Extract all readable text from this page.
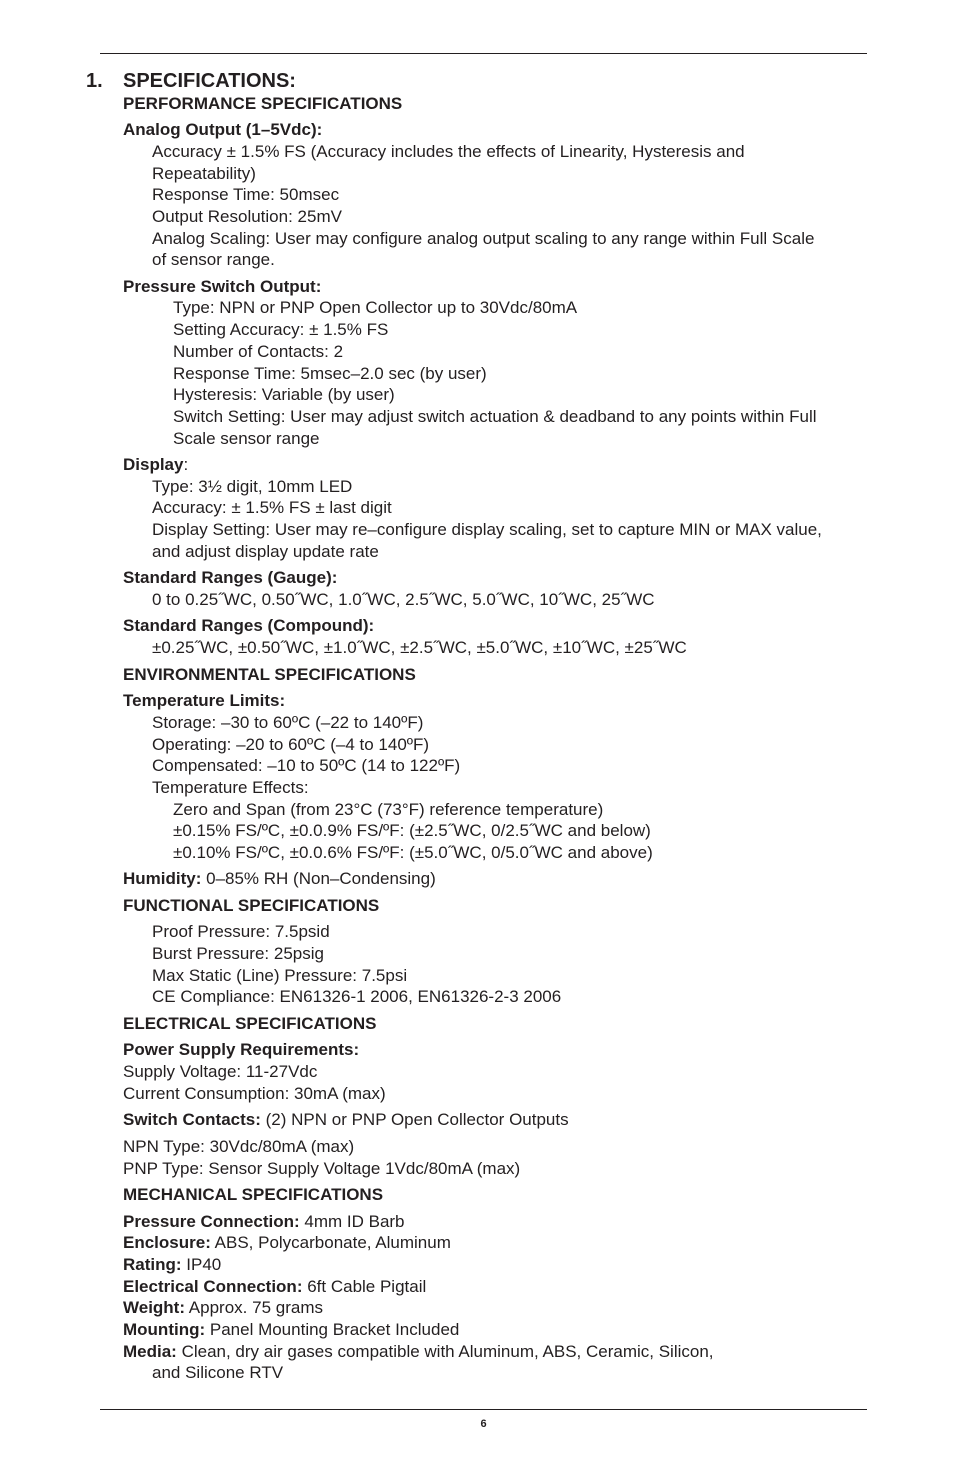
1. SPECIFICATIONS:
PERFORMANCE SPECIFICATIONS
Analog Output (1–5Vdc):
Accuracy ± 1.5% FS (Accuracy includes the effects of Linearity, Hysteresis and
Repeatability)
Response Time: 50msec
Output Resolution: 25mV
Analog Scaling: User may configure analog output scaling to any range within Full Scale
of sensor range.
Pressure Switch Output:
Type: NPN or PNP Open Collector up to 30Vdc/80mA
Setting Accuracy: ± 1.5% FS
Number of Contacts: 2
Response Time: 5msec–2.0 sec (by user)
Hysteresis: Variable (by user)
Switch Setting: User may adjust switch actuation & deadband to any points within Full
Scale sensor range
Display:
Type: 3½ digit, 10mm LED
Accuracy: ± 1.5% FS ± last digit
Display Setting: User may re–configure display scaling, set to capture MIN or MAX value,
and adjust display update rate
Standard Ranges (Gauge):
0 to 0.25˝WC, 0.50˝WC, 1.0˝WC, 2.5˝WC, 5.0˝WC, 10˝WC, 25˝WC
Standard Ranges (Compound):
±0.25˝WC, ±0.50˝WC, ±1.0˝WC, ±2.5˝WC, ±5.0˝WC, ±10˝WC, ±25˝WC
ENVIRONMENTAL SPECIFICATIONS
Temperature Limits:
Storage: –30 to 60ºC (–22 to 140ºF)
Operating: –20 to 60ºC (–4 to 140ºF)
Compensated: –10 to 50ºC (14 to 122ºF)
Temperature Effects:
Zero and Span (from 23°C (73°F) reference temperature)
±0.15% FS/ºC, ±0.0.9% FS/ºF: (±2.5˝WC, 0/2.5˝WC and below)
±0.10% FS/ºC, ±0.0.6% FS/ºF: (±5.0˝WC, 0/5.0˝WC and above)
Humidity: 0–85% RH (Non–Condensing)
FUNCTIONAL SPECIFICATIONS
Proof Pressure: 7.5psid
Burst Pressure: 25psig
Max Static (Line) Pressure: 7.5psi
CE Compliance: EN61326-1 2006, EN61326-2-3 2006
ELECTRICAL SPECIFICATIONS
Power Supply Requirements:
Supply Voltage: 11-27Vdc
Current Consumption: 30mA (max)
Switch Contacts: (2) NPN or PNP Open Collector Outputs
NPN Type: 30Vdc/80mA (max)
PNP Type: Sensor Supply Voltage 1Vdc/80mA (max)
MECHANICAL SPECIFICATIONS
Pressure Connection: 4mm ID Barb
Enclosure: ABS, Polycarbonate, Aluminum
Rating: IP40
Electrical Connection: 6ft Cable Pigtail
Weight: Approx. 75 grams
Mounting: Panel Mounting Bracket Included
Media: Clean, dry air gases compatible with Aluminum, ABS, Ceramic, Silicon,
and Silicone RTV
6
